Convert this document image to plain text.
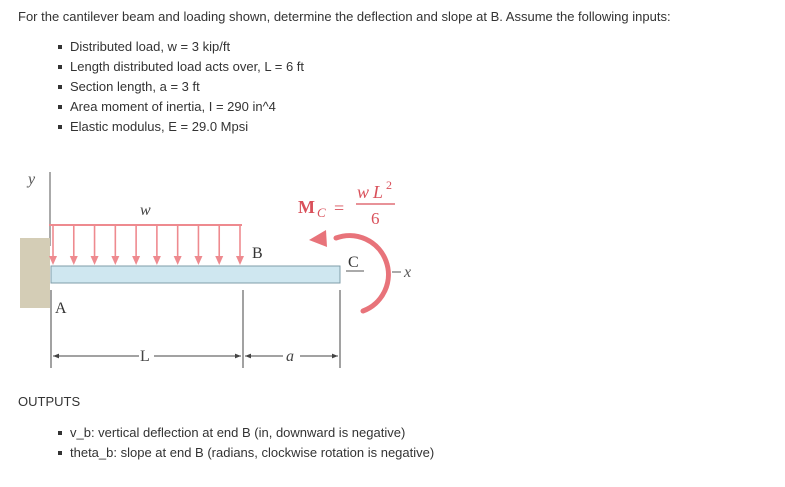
For the cantilever beam and loading shown, determine the deflection and slope at B. Assume the following inputs:
Distributed load, w = 3 kip/ft
Length distributed load acts over, L = 6 ft
Section length, a = 3 ft
Area moment of inertia, I = 290 in^4
Elastic modulus, E = 29.0 Mpsi
y
w
B
C
A
x
M C =
w L 2
6
L	a
OUTPUTS
v_b: vertical deflection at end B (in, downward is negative)
theta_b: slope at end B (radians, clockwise rotation is negative)
